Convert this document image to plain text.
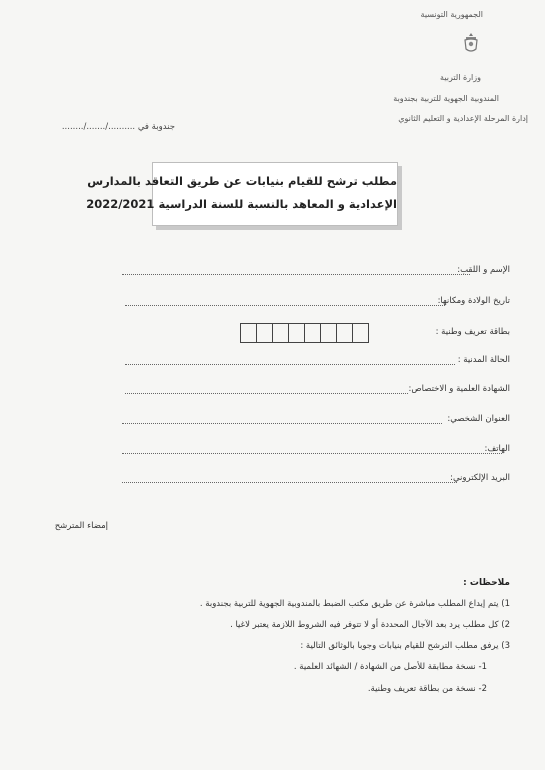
الجمهورية التونسية
وزارة التربية
المندوبية الجهوية للتربية بجندوبة
إدارة المرحلة الإعدادية و التعليم الثانوي
جندوبة في ........../......./........
مطلب ترشح للقيام بنيابات عن طريق التعاقد بالمدارس
الإعدادية و المعاهد بالنسبة للسنة الدراسية 2022/2021
الإسم و اللقب:
تاريخ الولادة ومكانها:
بطاقة تعريف وطنية :
الحالة المدنية :
الشهادة العلمية و الاختصاص:
العنوان الشخصي:
الهاتف:
البريد الإلكتروني:
إمضاء المترشح
ملاحظات :
1) يتم إيداع المطلب مباشرة عن طريق مكتب الضبط بالمندوبية الجهوية للتربية بجندوبة .
2) كل مطلب يرد بعد الآجال المحددة أو لا تتوفر فيه الشروط اللازمة يعتبر لاغيا .
3) يرفق مطلب الترشح للقيام بنيابات وجوبا بالوثائق التالية :
1- نسخة مطابقة للأصل من الشهادة / الشهائد العلمية .
2- نسخة من بطاقة تعريف وطنية.
